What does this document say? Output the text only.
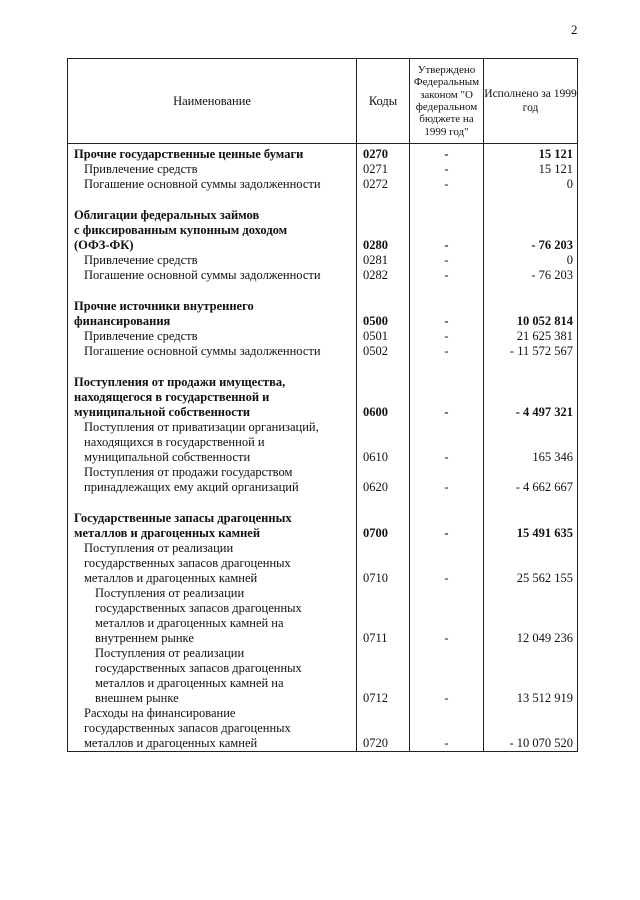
2
Наименование	Коды	Утверждено Федеральным законом "О федеральном бюджете на 1999 год"	Исполнено за 1999 год

Прочие государственные ценные бумаги	0270	-	15 121

Привлечение средств	0271	-	15 121

Погашение основной суммы задолженности	0272	-	0

Облигации федеральных займов
с фиксированным купонным доходом
(ОФЗ-ФК)	0280	-	- 76 203

Привлечение средств	0281	-	0

Погашение основной суммы задолженности	0282	-	- 76 203

Прочие источники внутреннего
финансирования	0500	-	10 052 814

Привлечение средств	0501	-	21 625 381

Погашение основной суммы задолженности	0502	-	- 11 572 567

Поступления от продажи имущества,
находящегося в государственной и
муниципальной собственности	0600	-	- 4 497 321

Поступления от приватизации организаций,
находящихся в государственной и
муниципальной собственности	0610	-	165 346

Поступления от продажи государством
принадлежащих ему акций организаций	0620	-	- 4 662 667

Государственные запасы драгоценных
металлов и драгоценных камней	0700	-	15 491 635

Поступления от реализации
государственных запасов драгоценных
металлов и драгоценных камней	0710	-	25 562 155

Поступления от реализации
государственных запасов драгоценных
металлов и драгоценных камней на
внутреннем рынке	0711	-	12 049 236

Поступления от реализации
государственных запасов драгоценных
металлов и драгоценных камней на
внешнем рынке	0712	-	13 512 919

Расходы на финансирование
государственных запасов драгоценных
металлов и драгоценных камней	0720	-	- 10 070 520
